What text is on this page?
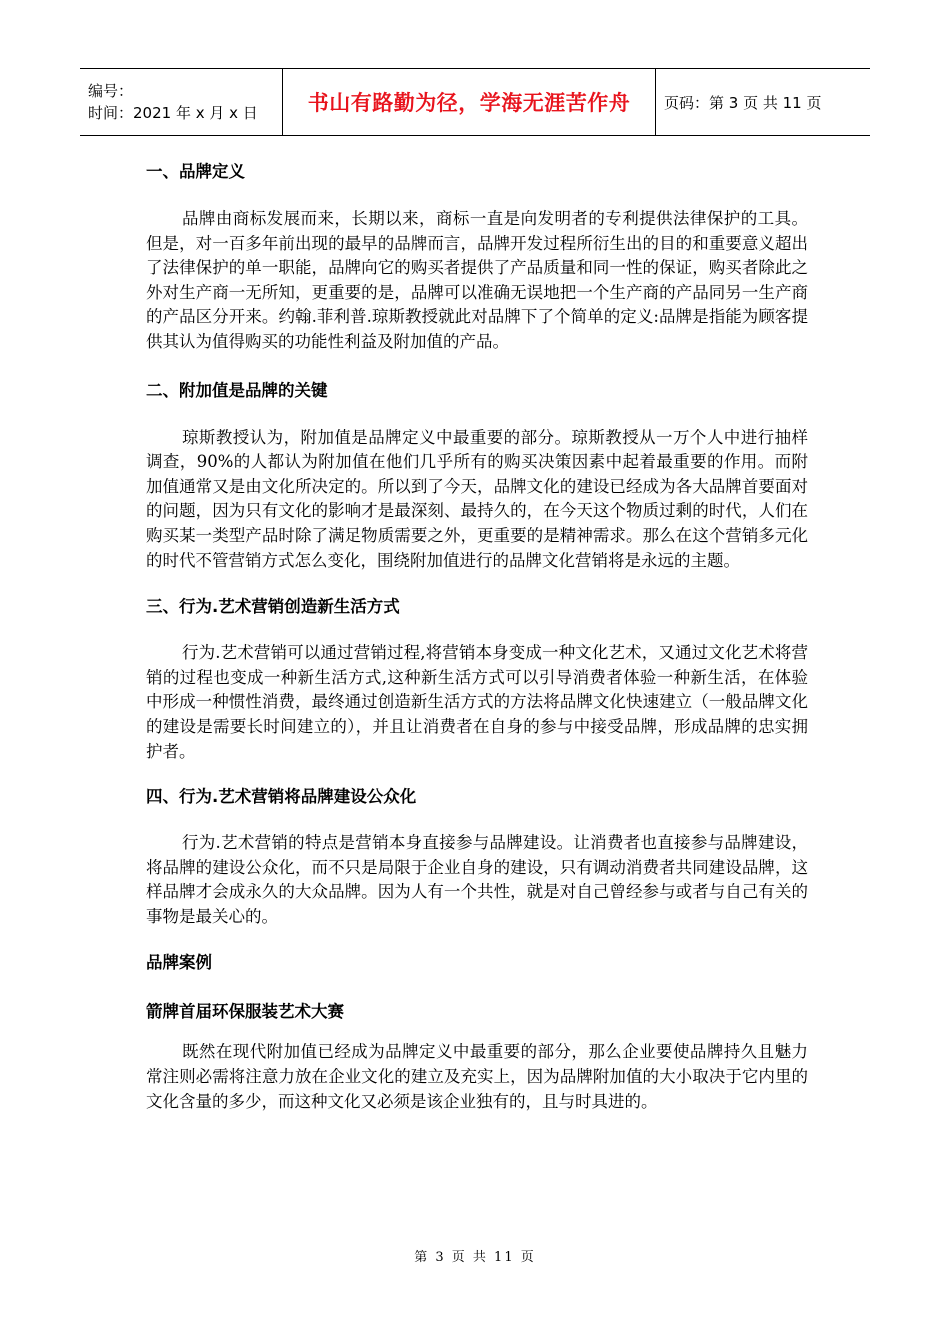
编号：
时间：2021 年 x 月 x 日	书山有路勤为径，学海无涯苦作舟 页码：第 3 页 共 11 页
一、品牌定义

品牌由商标发展而来，长期以来，商标一直是向发明者的专利提供法律保护的工具。但是，对一百多年前出现的最早的品牌而言，品牌开发过程所衍生出的目的和重要意义超出了法律保护的单一职能，品牌向它的购买者提供了产品质量和同一性的保证，购买者除此之外对生产商一无所知，更重要的是，品牌可以准确无误地把一个生产商的产品同另一生产商的产品区分开来。约翰.菲利普.琼斯教授就此对品牌下了个简单的定义:品牌是指能为顾客提供其认为值得购买的功能性利益及附加值的产品。

二、附加值是品牌的关键

琼斯教授认为，附加值是品牌定义中最重要的部分。琼斯教授从一万个人中进行抽样调查，90%的人都认为附加值在他们几乎所有的购买决策因素中起着最重要的作用。而附加值通常又是由文化所决定的。所以到了今天，品牌文化的建设已经成为各大品牌首要面对的问题，因为只有文化的影响才是最深刻、最持久的，在今天这个物质过剩的时代，人们在购买某一类型产品时除了满足物质需要之外，更重要的是精神需求。那么在这个营销多元化的时代不管营销方式怎么变化，围绕附加值进行的品牌文化营销将是永远的主题。

三、行为.艺术营销创造新生活方式

行为.艺术营销可以通过营销过程,将营销本身变成一种文化艺术，又通过文化艺术将营销的过程也变成一种新生活方式,这种新生活方式可以引导消费者体验一种新生活，在体验中形成一种惯性消费，最终通过创造新生活方式的方法将品牌文化快速建立（一般品牌文化的建设是需要长时间建立的），并且让消费者在自身的参与中接受品牌，形成品牌的忠实拥护者。

四、行为.艺术营销将品牌建设公众化

行为.艺术营销的特点是营销本身直接参与品牌建设。让消费者也直接参与品牌建设，将品牌的建设公众化，而不只是局限于企业自身的建设，只有调动消费者共同建设品牌，这样品牌才会成永久的大众品牌。因为人有一个共性，就是对自己曾经参与或者与自己有关的事物是最关心的。

品牌案例
箭牌首届环保服装艺术大赛

既然在现代附加值已经成为品牌定义中最重要的部分，那么企业要使品牌持久且魅力常注则必需将注意力放在企业文化的建立及充实上，因为品牌附加值的大小取决于它内里的文化含量的多少，而这种文化又必须是该企业独有的，且与时具进的。

第 3 页 共 11 页
